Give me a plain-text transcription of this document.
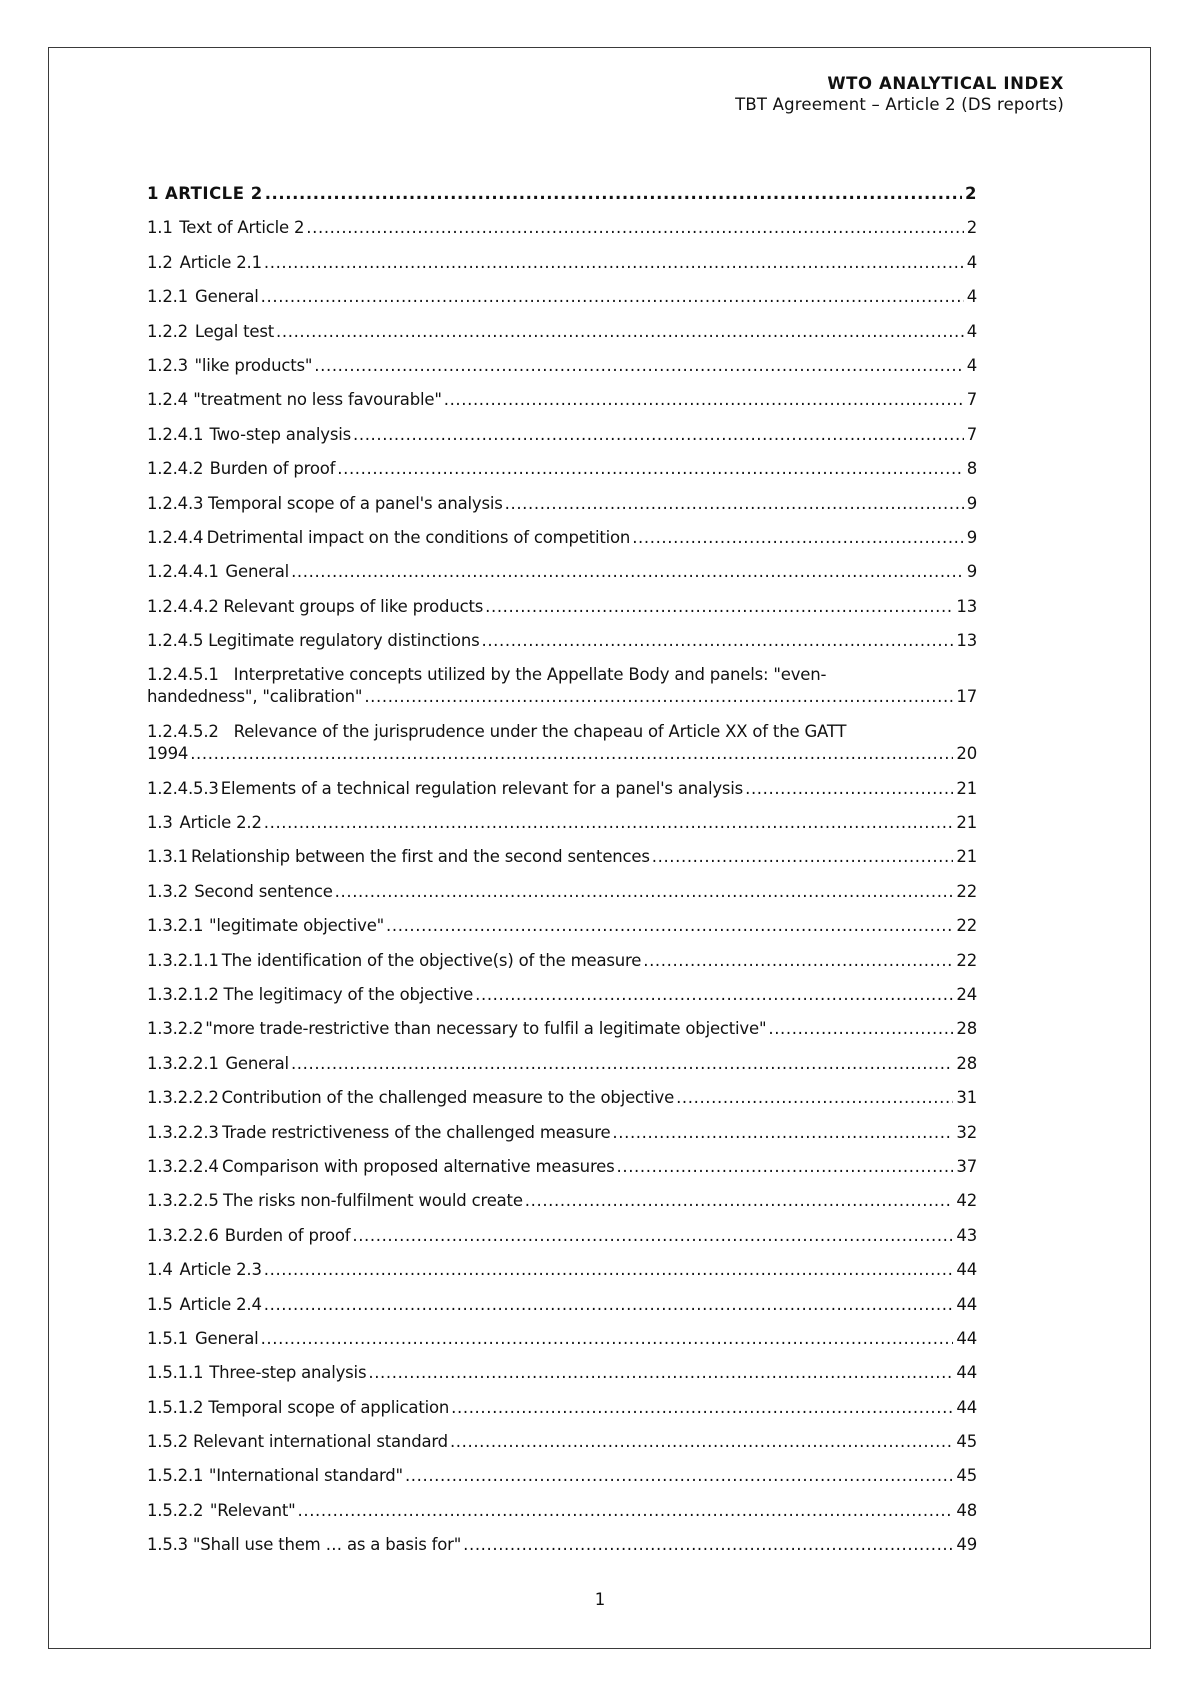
WTO ANALYTICAL INDEX
TBT Agreement – Article 2 (DS reports)
1 ARTICLE 2 .....	2
1.1 Text of Article 2 .....	2
1.2 Article 2.1 .....	4
1.2.1 General .....	4
1.2.2 Legal test .....	4
1.2.3 "like products" .....	4
1.2.4 "treatment no less favourable" .....	7
1.2.4.1 Two-step analysis .....	7
1.2.4.2 Burden of proof .....	8
1.2.4.3 Temporal scope of a panel's analysis .....	9
1.2.4.4 Detrimental impact on the conditions of competition .....	9
1.2.4.4.1 General .....	9
1.2.4.4.2 Relevant groups of like products .....	13
1.2.4.5 Legitimate regulatory distinctions .....	13
1.2.4.5.1 Interpretative concepts utilized by the Appellate Body and panels: "even-
handedness", "calibration" .....	17
1.2.4.5.2 Relevance of the jurisprudence under the chapeau of Article XX of the GATT
1994 .....	20
1.2.4.5.3 Elements of a technical regulation relevant for a panel's analysis .....	21
1.3 Article 2.2 .....	21
1.3.1 Relationship between the first and the second sentences .....	21
1.3.2 Second sentence .....	22
1.3.2.1 "legitimate objective" .....	22
1.3.2.1.1 The identification of the objective(s) of the measure .....	22
1.3.2.1.2 The legitimacy of the objective .....	24
1.3.2.2 "more trade-restrictive than necessary to fulfil a legitimate objective" .....	28
1.3.2.2.1 General .....	28
1.3.2.2.2 Contribution of the challenged measure to the objective .....	31
1.3.2.2.3 Trade restrictiveness of the challenged measure .....	32
1.3.2.2.4 Comparison with proposed alternative measures .....	37
1.3.2.2.5 The risks non-fulfilment would create .....	42
1.3.2.2.6 Burden of proof .....	43
1.4 Article 2.3 .....	44
1.5 Article 2.4 .....	44
1.5.1 General .....	44
1.5.1.1 Three-step analysis .....	44
1.5.1.2 Temporal scope of application .....	44
1.5.2 Relevant international standard .....	45
1.5.2.1 "International standard" .....	45
1.5.2.2 "Relevant" .....	48
1.5.3 "Shall use them … as a basis for" .....	49
1
